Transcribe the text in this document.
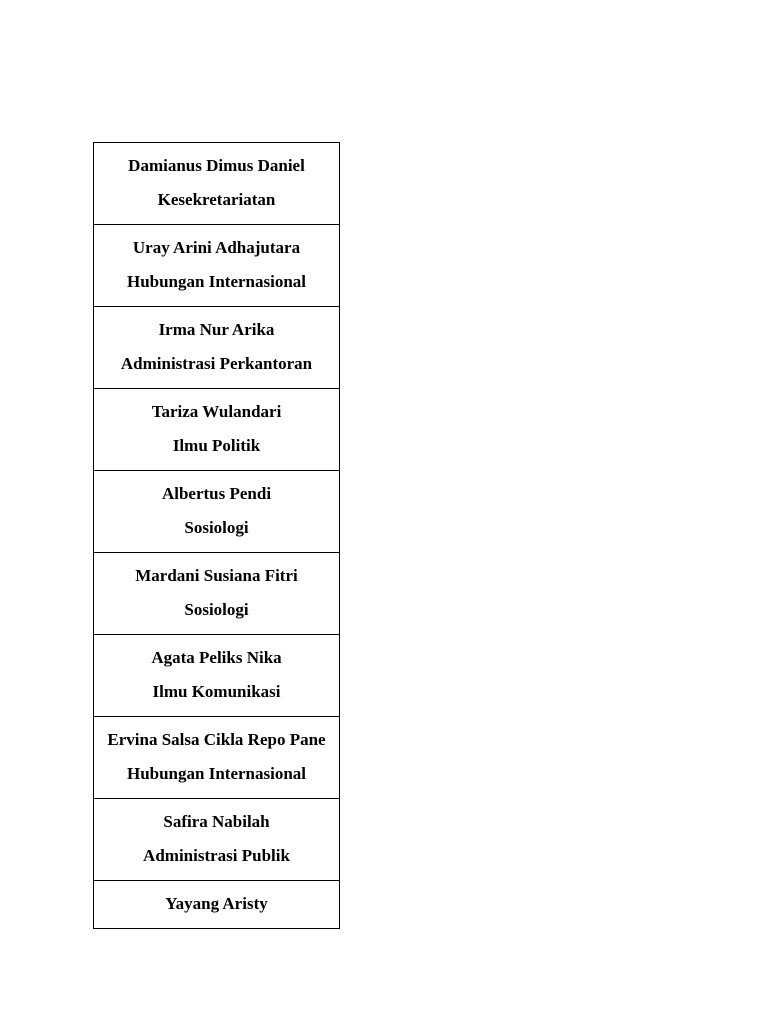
Damianus Dimus Daniel
Kesekretariatan

Uray Arini Adhajutara
Hubungan Internasional

Irma Nur Arika
Administrasi Perkantoran

Tariza Wulandari
Ilmu Politik

Albertus Pendi
Sosiologi

Mardani Susiana Fitri
Sosiologi

Agata Peliks Nika
Ilmu Komunikasi

Ervina Salsa Cikla Repo Pane
Hubungan Internasional

Safira Nabilah
Administrasi Publik

Yayang Aristy
